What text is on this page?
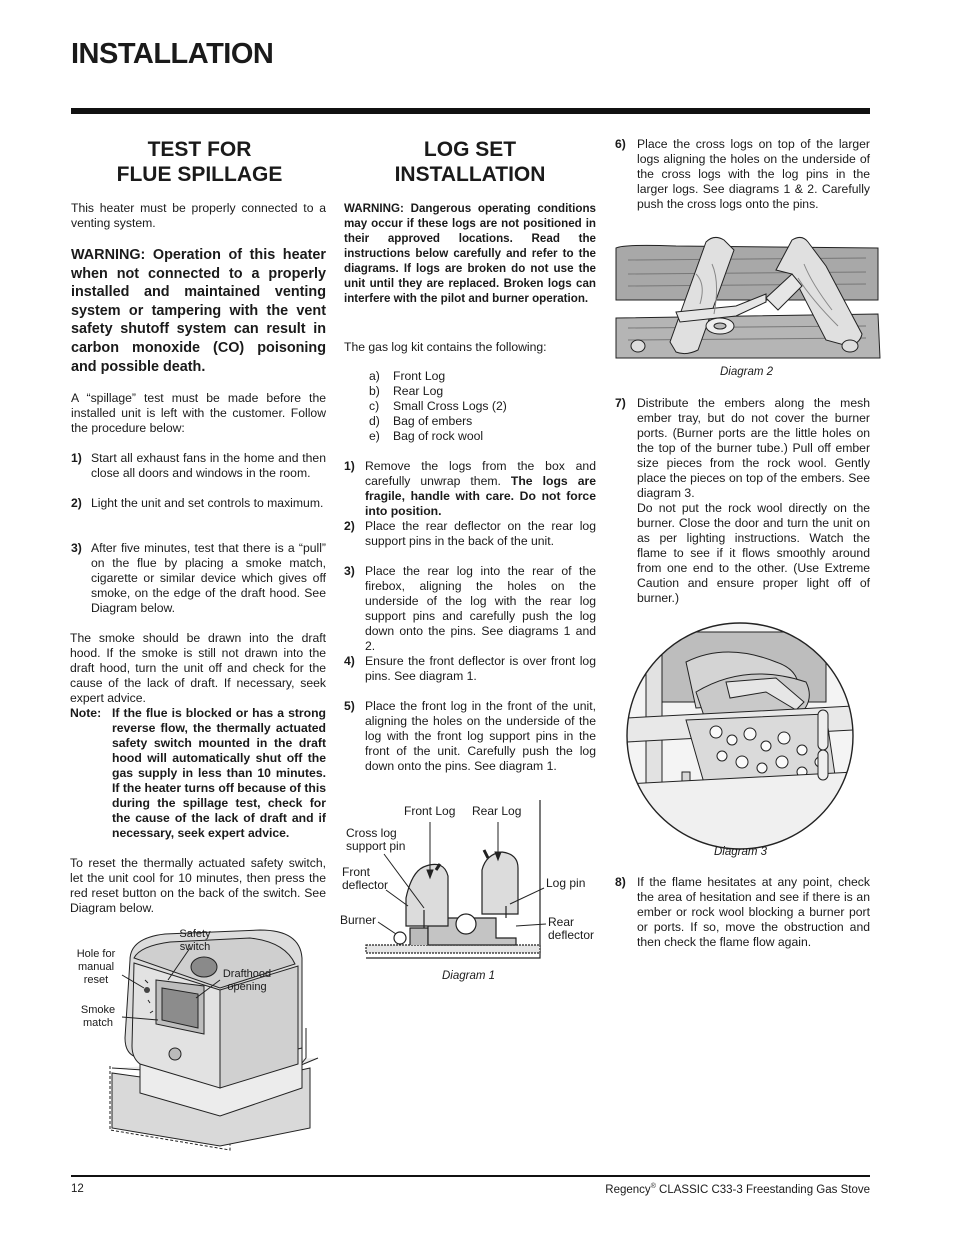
INSTALLATION
TEST FOR
FLUE SPILLAGE
This heater must be properly connected to a venting system.
WARNING: Operation of this heater when not connected to a properly installed and maintained venting system or tampering with the vent safety shutoff system can result in carbon monoxide (CO) poisoning and possible death.
A “spillage” test must be made before the installed unit is left with the customer. Follow the procedure below:
1) Start all exhaust fans in the home and then close all doors and windows in the room.
2) Light the unit and set controls to maximum.
3) After five minutes, test that there is a “pull” on the flue by placing a smoke match, cigarette or similar device which gives off smoke, on the edge of the draft hood. See Diagram below.
The smoke should be drawn into the draft hood. If the smoke is still not drawn into the draft hood, turn the unit off and check for the cause of the lack of draft. If necessary, seek expert advice.
Note: If the flue is blocked or has a strong reverse flow, the thermally actuated safety switch mounted in the draft hood will automatically shut off the gas supply in less than 10 minutes. If the heater turns off because of this during the spillage test, check for the cause of the lack of draft and if necessary, seek expert advice.
To reset the thermally actuated safety switch, let the unit cool for 10 minutes, then press the red reset button on the back of the switch. See Diagram below.
Safety switch
Hole for manual reset	Drafthood opening
Smoke match
LOG SET
INSTALLATION
WARNING: Dangerous operating conditions may occur if these logs are not positioned in their approved locations. Read the instructions below carefully and refer to the diagrams. If logs are broken do not use the unit until they are replaced. Broken logs can interfere with the pilot and burner operation.
The gas log kit contains the following:
a) Front Log
b) Rear Log
c) Small Cross Logs (2)
d) Bag of embers
e) Bag of rock wool
1) Remove the logs from the box and carefully unwrap them. The logs are fragile, handle with care. Do not force into position.
2) Place the rear deflector on the rear log support pins in the back of the unit.
3) Place the rear log into the rear of the firebox, aligning the holes on the underside of the log with the rear log support pins and carefully push the log down onto the pins. See diagrams 1 and 2.
4) Ensure the front deflector is over front log pins. See diagram 1.
5) Place the front log in the front of the unit, aligning the holes on the underside of the log with the front log support pins in the front of the unit. Carefully push the log down onto the pins. See diagram 1.
Front Log Rear Log
Cross log support pin
Front deflector	Log pin
Burner	Rear deflector
Diagram 1
6) Place the cross logs on top of the larger logs aligning the holes on the underside of the cross logs with the log pins in the larger logs. See diagrams 1 & 2. Carefully push the cross logs onto the pins.
Diagram 2
7) Distribute the embers along the mesh ember tray, but do not cover the burner ports. (Burner ports are the little holes on the top of the burner tube.) Pull off ember size pieces from the rock wool. Gently place the pieces on top of the embers. See diagram 3.
Do not put the rock wool directly on the burner. Close the door and turn the unit on as per lighting instructions. Watch the flame to see if it flows smoothly around from one end to the other. (Use Extreme Caution and ensure proper light off of burner.)
Diagram 3
8) If the flame hesitates at any point, check the area of hesitation and see if there is an ember or rock wool blocking a burner port or ports. If so, move the obstruction and then check the flame flow again.
12	Regency® CLASSIC C33-3 Freestanding Gas Stove
